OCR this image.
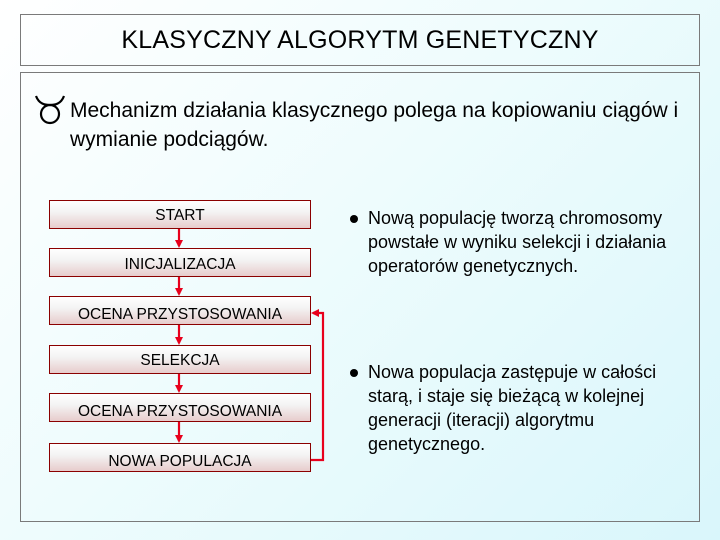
KLASYCZNY ALGORYTM GENETYCZNY
Mechanizm działania klasycznego polega na kopiowaniu ciągów i wymianie podciągów.
START
INICJALIZACJA
OCENA PRZYSTOSOWANIA
SELEKCJA
OCENA PRZYSTOSOWANIA
NOWA POPULACJA
Nową populację tworzą chromosomy powstałe w wyniku selekcji i działania operatorów genetycznych.
Nowa populacja zastępuje w całości starą, i staje się bieżącą w kolejnej generacji (iteracji) algorytmu genetycznego.
